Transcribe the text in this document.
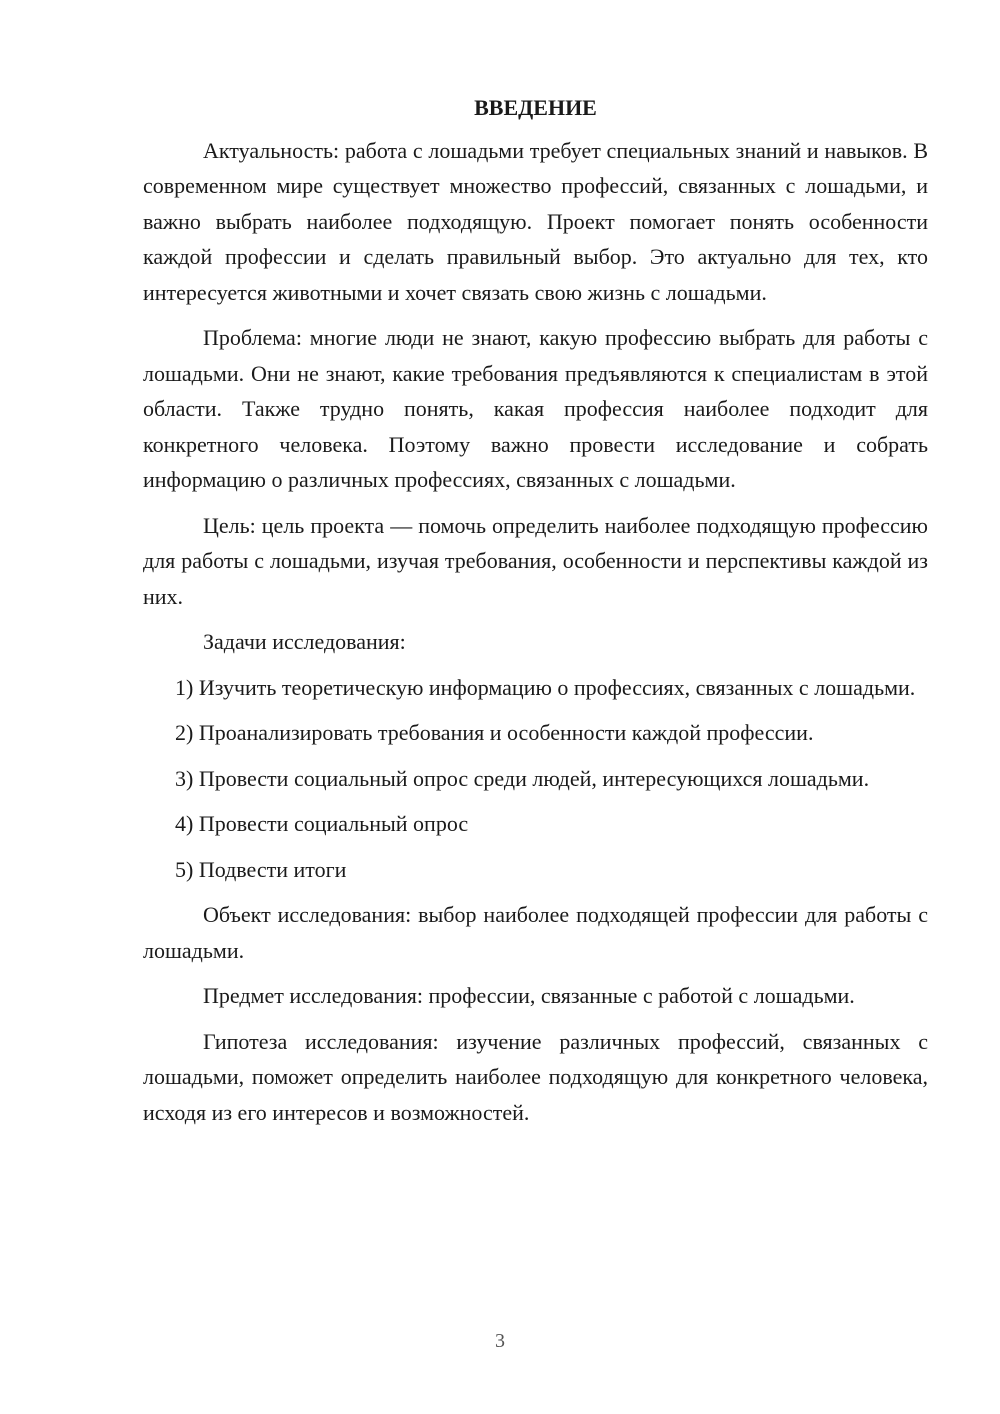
ВВЕДЕНИЕ

Актуальность: работа с лошадьми требует специальных знаний и навыков. В современном мире существует множество профессий, связанных с лошадьми, и важно выбрать наиболее подходящую. Проект помогает понять особенности каждой профессии и сделать правильный выбор. Это актуально для тех, кто интересуется животными и хочет связать свою жизнь с лошадьми.

Проблема: многие люди не знают, какую профессию выбрать для работы с лошадьми. Они не знают, какие требования предъявляются к специалистам в этой области. Также трудно понять, какая профессия наиболее подходит для конкретного человека. Поэтому важно провести исследование и собрать информацию о различных профессиях, связанных с лошадьми.

Цель: цель проекта — помочь определить наиболее подходящую профессию для работы с лошадьми, изучая требования, особенности и перспективы каждой из них.

Задачи исследования:

1) Изучить теоретическую информацию о профессиях, связанных с лошадьми.

2) Проанализировать требования и особенности каждой профессии.

3) Провести социальный опрос среди людей, интересующихся лошадьми.

4) Провести социальный опрос

5) Подвести итоги

Объект исследования: выбор наиболее подходящей профессии для работы с лошадьми.

Предмет исследования: профессии, связанные с работой с лошадьми.

Гипотеза исследования: изучение различных профессий, связанных с лошадьми, поможет определить наиболее подходящую для конкретного человека, исходя из его интересов и возможностей.

3
